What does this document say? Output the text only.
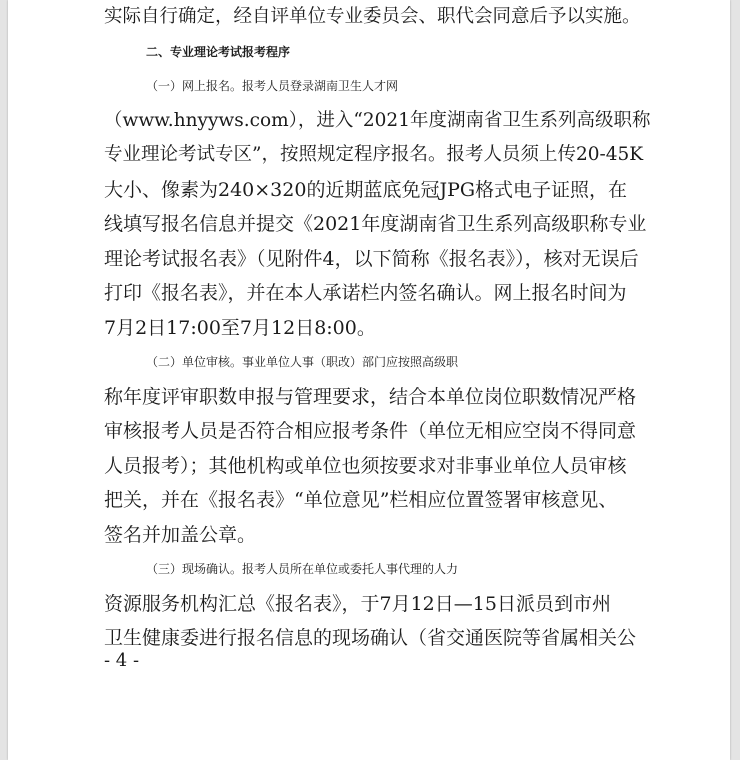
实际自行确定，经自评单位专业委员会、职代会同意后予以实施。
二、专业理论考试报考程序
（一）网上报名。报考人员登录湖南卫生人才网
（www.hnyyws.com），进入“2021年度湖南省卫生系列高级职称
专业理论考试专区”，按照规定程序报名。报考人员须上传20-45K
大小、像素为240×320的近期蓝底免冠JPG格式电子证照，在
线填写报名信息并提交《2021年度湖南省卫生系列高级职称专业
理论考试报名表》（见附件4，以下简称《报名表》），核对无误后
打印《报名表》，并在本人承诺栏内签名确认。网上报名时间为
7月2日17:00至7月12日8:00。
（二）单位审核。事业单位人事（职改）部门应按照高级职
称年度评审职数申报与管理要求，结合本单位岗位职数情况严格
审核报考人员是否符合相应报考条件（单位无相应空岗不得同意
人员报考）；其他机构或单位也须按要求对非事业单位人员审核
把关，并在《报名表》“单位意见”栏相应位置签署审核意见、
签名并加盖公章。
（三）现场确认。报考人员所在单位或委托人事代理的人力
资源服务机构汇总《报名表》，于7月12日—15日派员到市州
卫生健康委进行报名信息的现场确认（省交通医院等省属相关公
- 4 -
